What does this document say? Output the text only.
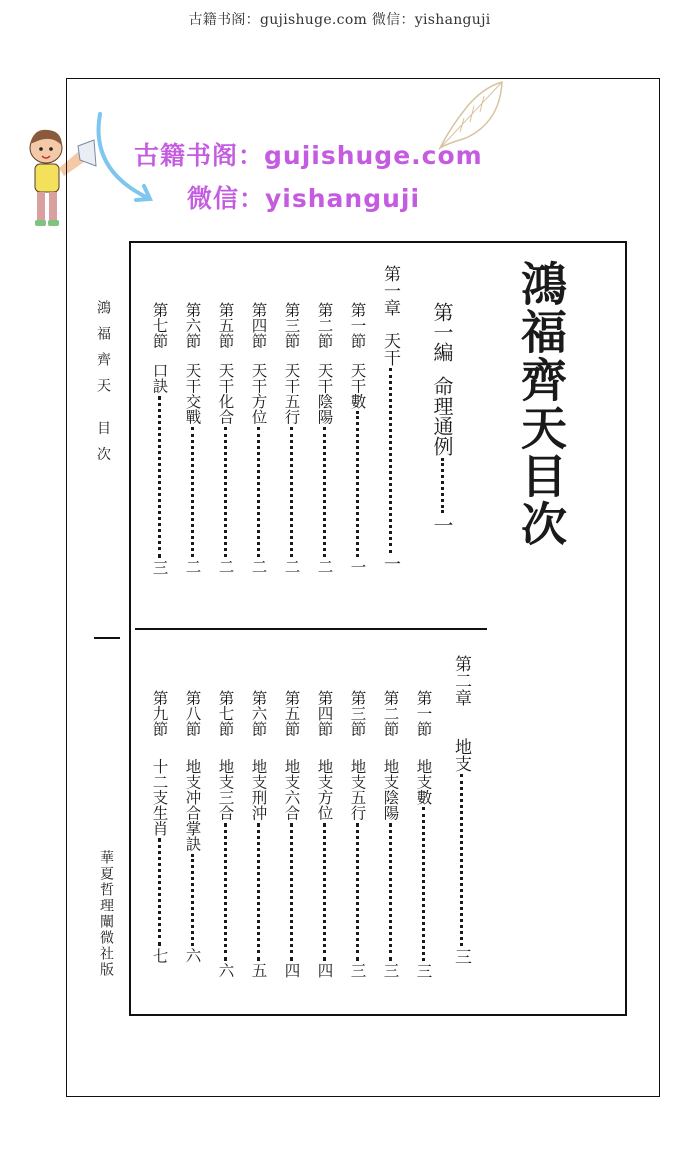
古籍书阁：gujishuge.com 微信：yishanguji
古籍书阁：gujishuge.com
微信：yishanguji
鴻福齊天目次
鴻福齊天 目次
華夏哲理闡微社版
第一編命理通例一
第一章天干一
第一節天干數一
第二節天干陰陽二
第三節天干五行二
第四節天干方位二
第五節天干化合二
第六節天干交戰二
第七節口訣三
第二章地支三
第一節地支數三
第二節地支陰陽三
第三節地支五行三
第四節地支方位四
第五節地支六合四
第六節地支刑沖五
第七節地支三合六
第八節地支冲合掌訣六
第九節十二支生肖七
